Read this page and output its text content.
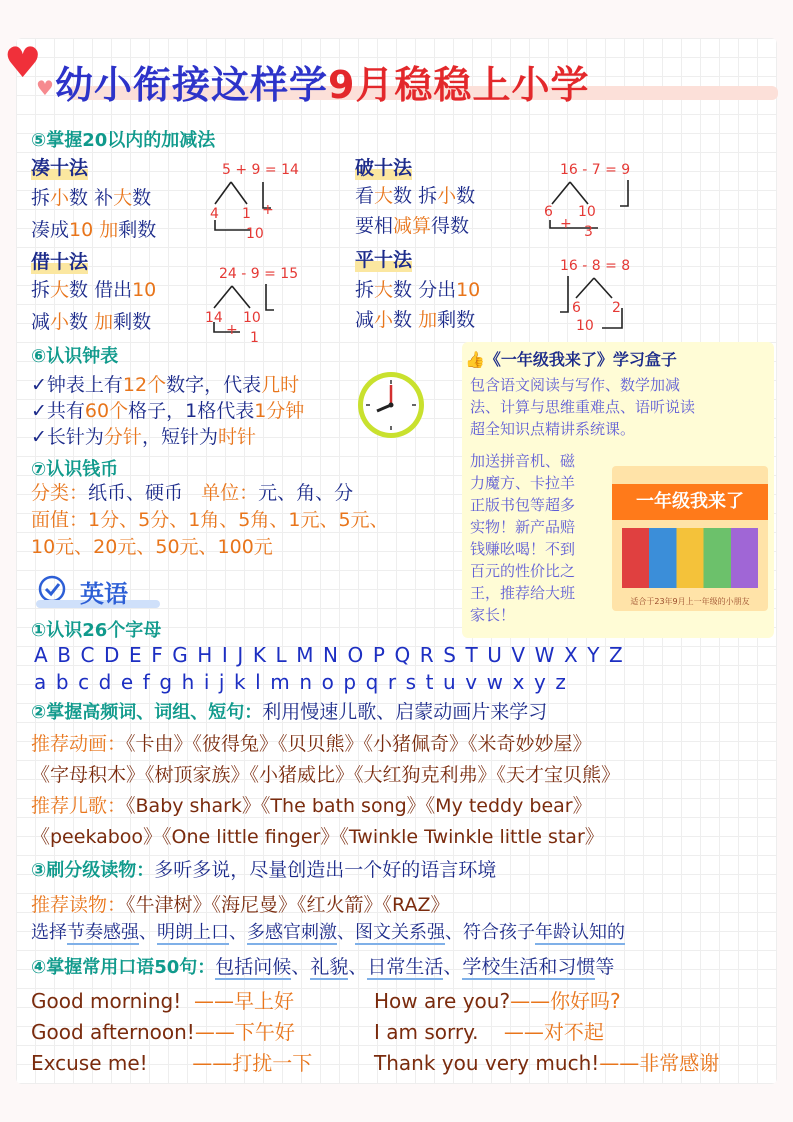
♥
♥ 幼小衔接这样学9月稳稳上小学
⑤掌握20以内的加减法
凑十法
拆小数 补大数
凑成10 加剩数
5 + 9 = 14
4 1 +
10
破十法
看大数 拆小数
要相减算得数
16 - 7 = 9
6 10
+ 3
借十法
拆大数 借出10
减小数 加剩数
24 - 9 = 15
14 10
+ 1
平十法
拆大数 分出10
减小数 加剩数
16 - 8 = 8
6 2
10
⑥认识钟表
✓钟表上有12个数字，代表几时
✓共有60个格子，1格代表1分钟
✓长针为分针，短针为时针
⑦认识钱币
分类：纸币、硬币 单位：元、角、分
面值：1分、5分、1角、5角、1元、5元、
10元、20元、50元、100元
👍《一年级我来了》学习盒子
包含语文阅读与写作、数学加减
法、计算与思维重难点、语听说读
超全知识点精讲系统课。
加送拼音机、磁
力魔方、卡拉羊
正版书包等超多
实物！新产品赔
钱赚吆喝！不到
百元的性价比之
王，推荐给大班
家长！
一年级我来了
适合于23年9月上一年级的小朋友
英语
①认识26个字母
A B C D E F G H I J K L M N O P Q R S T U V W X Y Z
a b c d e f g h i j k l m n o p q r s t u v w x y z
②掌握高频词、词组、短句：利用慢速儿歌、启蒙动画片来学习
推荐动画：《卡由》《彼得兔》《贝贝熊》《小猪佩奇》《米奇妙妙屋》
《字母积木》《树顶家族》《小猪威比》《大红狗克利弗》《天才宝贝熊》
推荐儿歌：《Baby shark》《The bath song》《My teddy bear》
《peekaboo》《One little finger》《Twinkle Twinkle little star》
③刷分级读物：多听多说，尽量创造出一个好的语言环境
推荐读物：《牛津树》《海尼曼》《红火箭》《RAZ》
选择节奏感强、明朗上口、多感官刺激、图文关系强、符合孩子年龄认知的
④掌握常用口语50句：包括问候、礼貌、日常生活、学校生活和习惯等
Good morning! ——早上好	How are you?——你好吗?
Good afternoon!——下午好	I am sorry. ——对不起
Excuse me! ——打扰一下	Thank you very much!——非常感谢
